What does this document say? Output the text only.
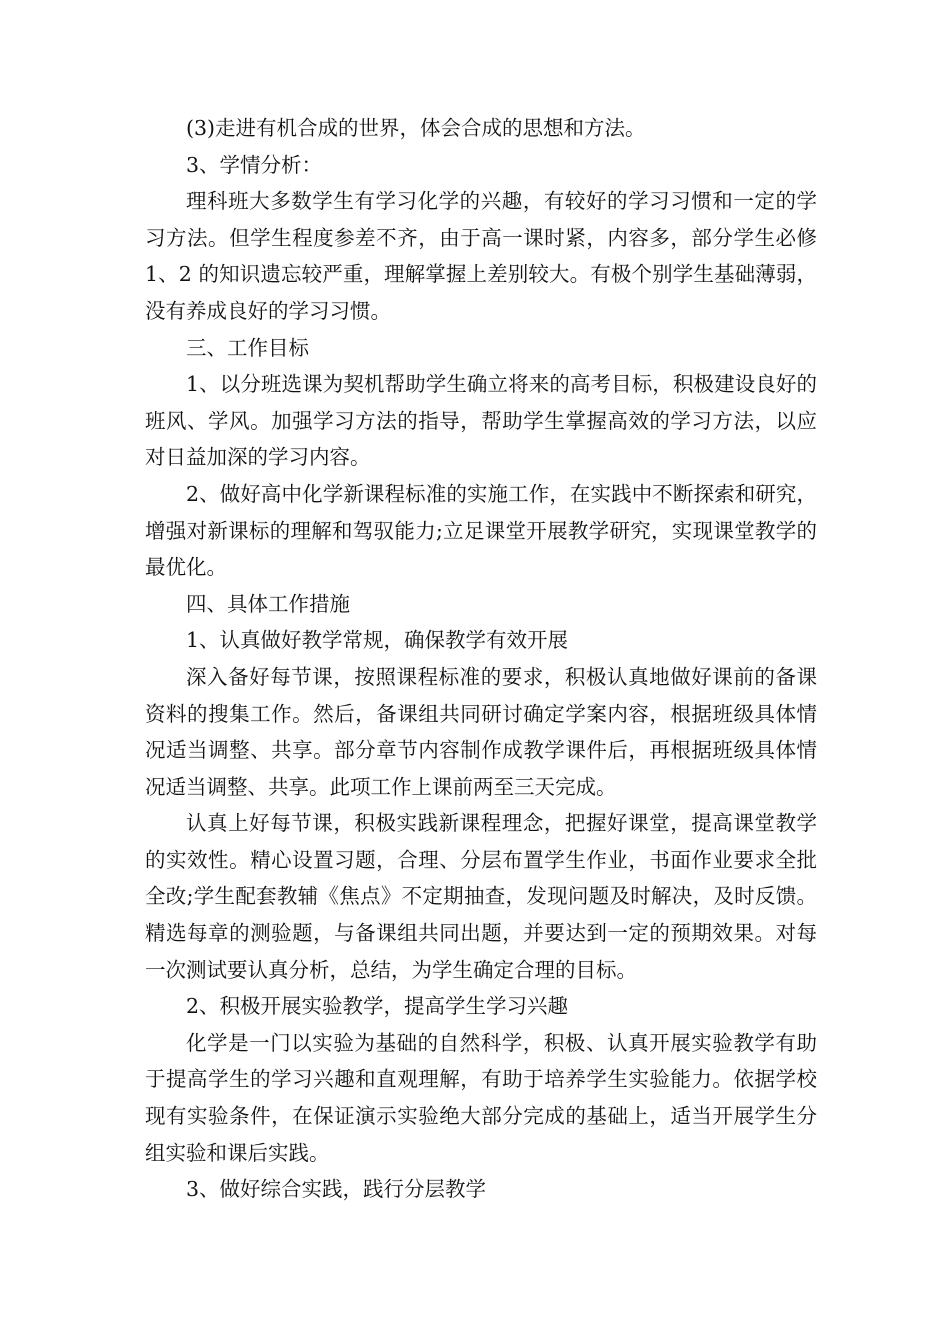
(3)走进有机合成的世界，体会合成的思想和方法。

3、学情分析：

理科班大多数学生有学习化学的兴趣，有较好的学习习惯和一定的学习方法。但学生程度参差不齐，由于高一课时紧，内容多，部分学生必修 1、2 的知识遗忘较严重，理解掌握上差别较大。有极个别学生基础薄弱，没有养成良好的学习习惯。

三、工作目标

1、以分班选课为契机帮助学生确立将来的高考目标，积极建设良好的班风、学风。加强学习方法的指导，帮助学生掌握高效的学习方法，以应对日益加深的学习内容。

2、做好高中化学新课程标准的实施工作，在实践中不断探索和研究，增强对新课标的理解和驾驭能力;立足课堂开展教学研究，实现课堂教学的最优化。

四、具体工作措施

1、认真做好教学常规，确保教学有效开展

深入备好每节课，按照课程标准的要求，积极认真地做好课前的备课资料的搜集工作。然后，备课组共同研讨确定学案内容，根据班级具体情况适当调整、共享。部分章节内容制作成教学课件后，再根据班级具体情况适当调整、共享。此项工作上课前两至三天完成。

认真上好每节课，积极实践新课程理念，把握好课堂，提高课堂教学的实效性。精心设置习题，合理、分层布置学生作业，书面作业要求全批全改;学生配套教辅《焦点》不定期抽查，发现问题及时解决，及时反馈。精选每章的测验题，与备课组共同出题，并要达到一定的预期效果。对每一次测试要认真分析，总结，为学生确定合理的目标。

2、积极开展实验教学，提高学生学习兴趣

化学是一门以实验为基础的自然科学，积极、认真开展实验教学有助于提高学生的学习兴趣和直观理解，有助于培养学生实验能力。依据学校现有实验条件，在保证演示实验绝大部分完成的基础上，适当开展学生分组实验和课后实践。

3、做好综合实践，践行分层教学
